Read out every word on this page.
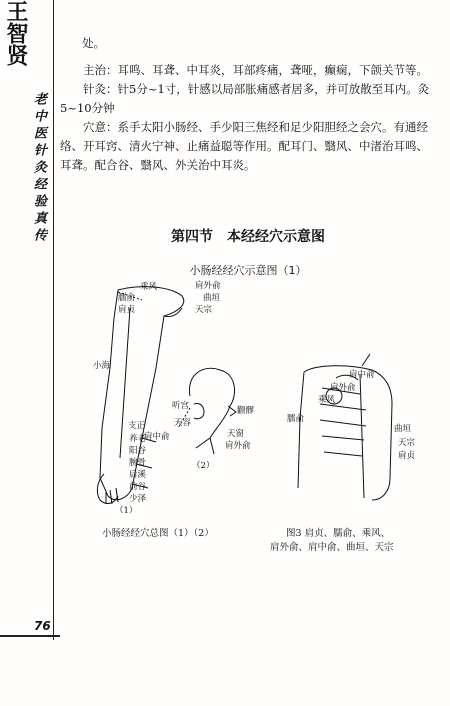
王智贤
老中医针灸经验真传
处。
主治：耳鸣、耳聋、中耳炎，耳部疼痛，聋哑，癫痫，下颌关节等。
针灸：针5分~1寸，针感以局部胀痛感者居多，并可放散至耳内。灸5~10分钟
穴意：系手太阳小肠经、手少阳三焦经和足少阳胆经之会穴。有通经络、开耳窍、清火宁神、止痛益聪等作用。配耳门、翳风、中渚治耳鸣、耳聋。配合谷、翳风、外关治中耳炎。
第四节　本经经穴示意图
小肠经经穴示意图（1）
乘风
臑俞
肩贞
小海
支正
养老
阳谷
腕骨
后溪
前谷
少泽
肩外俞
曲垣
天宗
（1）
听宫	颧髎
天容
天窗
肩中俞
肩外俞
（2）
肩中俞
肩外俞
乘风
臑俞
曲垣
天宗
肩贞
小肠经经穴总图（1）（2）	图3 肩贞、臑俞、乘风、
肩外俞、肩中俞、曲垣、天宗
76
